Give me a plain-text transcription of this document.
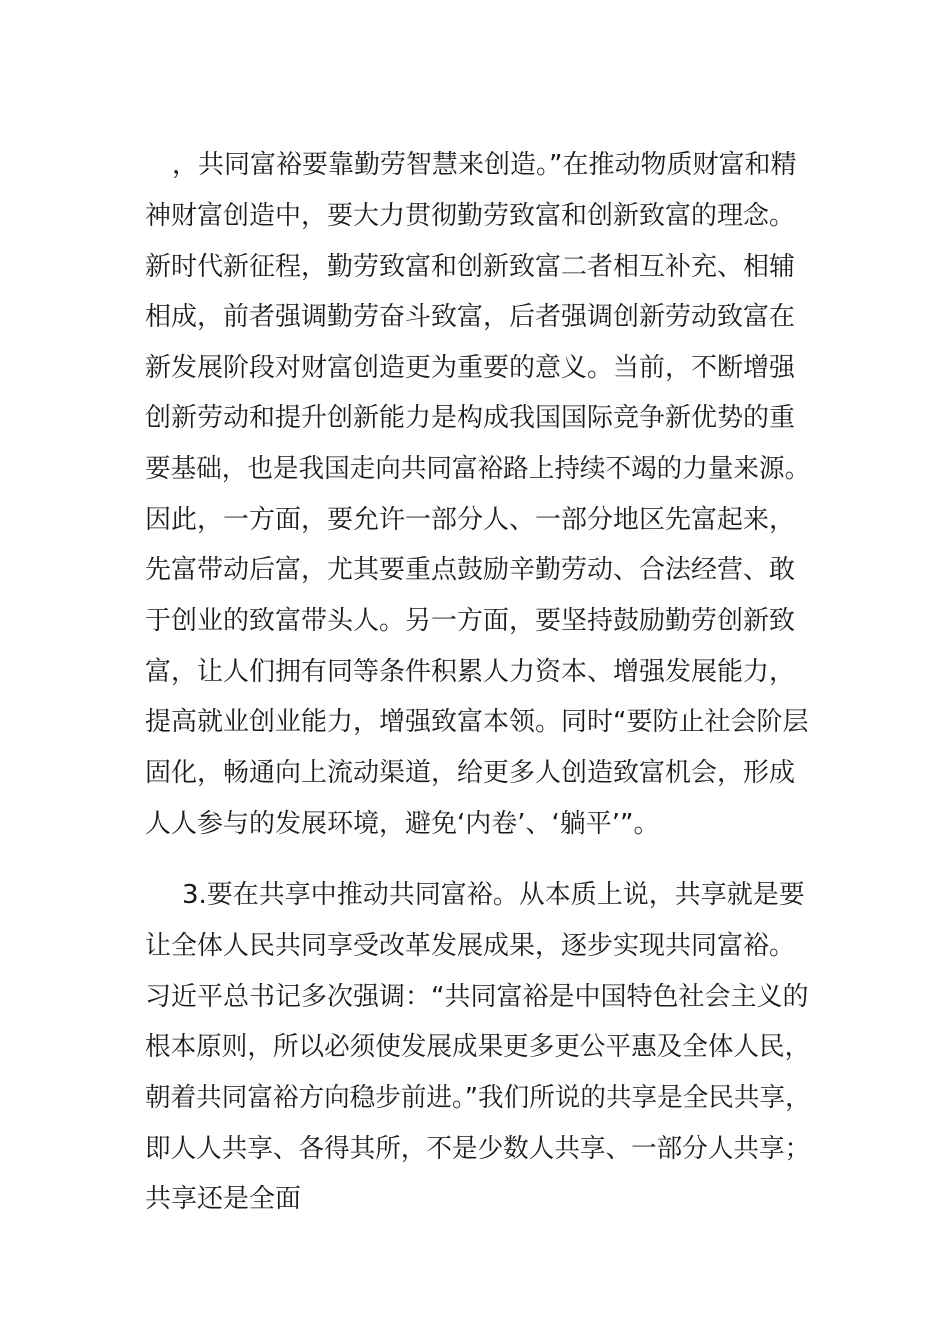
，共同富裕要靠勤劳智慧来创造。”在推动物质财富和精
神财富创造中，要大力贯彻勤劳致富和创新致富的理念。
新时代新征程，勤劳致富和创新致富二者相互补充、相辅
相成，前者强调勤劳奋斗致富，后者强调创新劳动致富在
新发展阶段对财富创造更为重要的意义。当前，不断增强
创新劳动和提升创新能力是构成我国国际竞争新优势的重
要基础，也是我国走向共同富裕路上持续不竭的力量来源。
因此，一方面，要允许一部分人、一部分地区先富起来，
先富带动后富，尤其要重点鼓励辛勤劳动、合法经营、敢
于创业的致富带头人。另一方面，要坚持鼓励勤劳创新致
富，让人们拥有同等条件积累人力资本、增强发展能力，
提高就业创业能力，增强致富本领。同时“要防止社会阶层
固化，畅通向上流动渠道，给更多人创造致富机会，形成
人人参与的发展环境，避免‘内卷’、‘躺平’”。
3.要在共享中推动共同富裕。从本质上说，共享就是要
让全体人民共同享受改革发展成果，逐步实现共同富裕。
习近平总书记多次强调：“共同富裕是中国特色社会主义的
根本原则，所以必须使发展成果更多更公平惠及全体人民，
朝着共同富裕方向稳步前进。”我们所说的共享是全民共享，
即人人共享、各得其所，不是少数人共享、一部分人共享；
共享还是全面
